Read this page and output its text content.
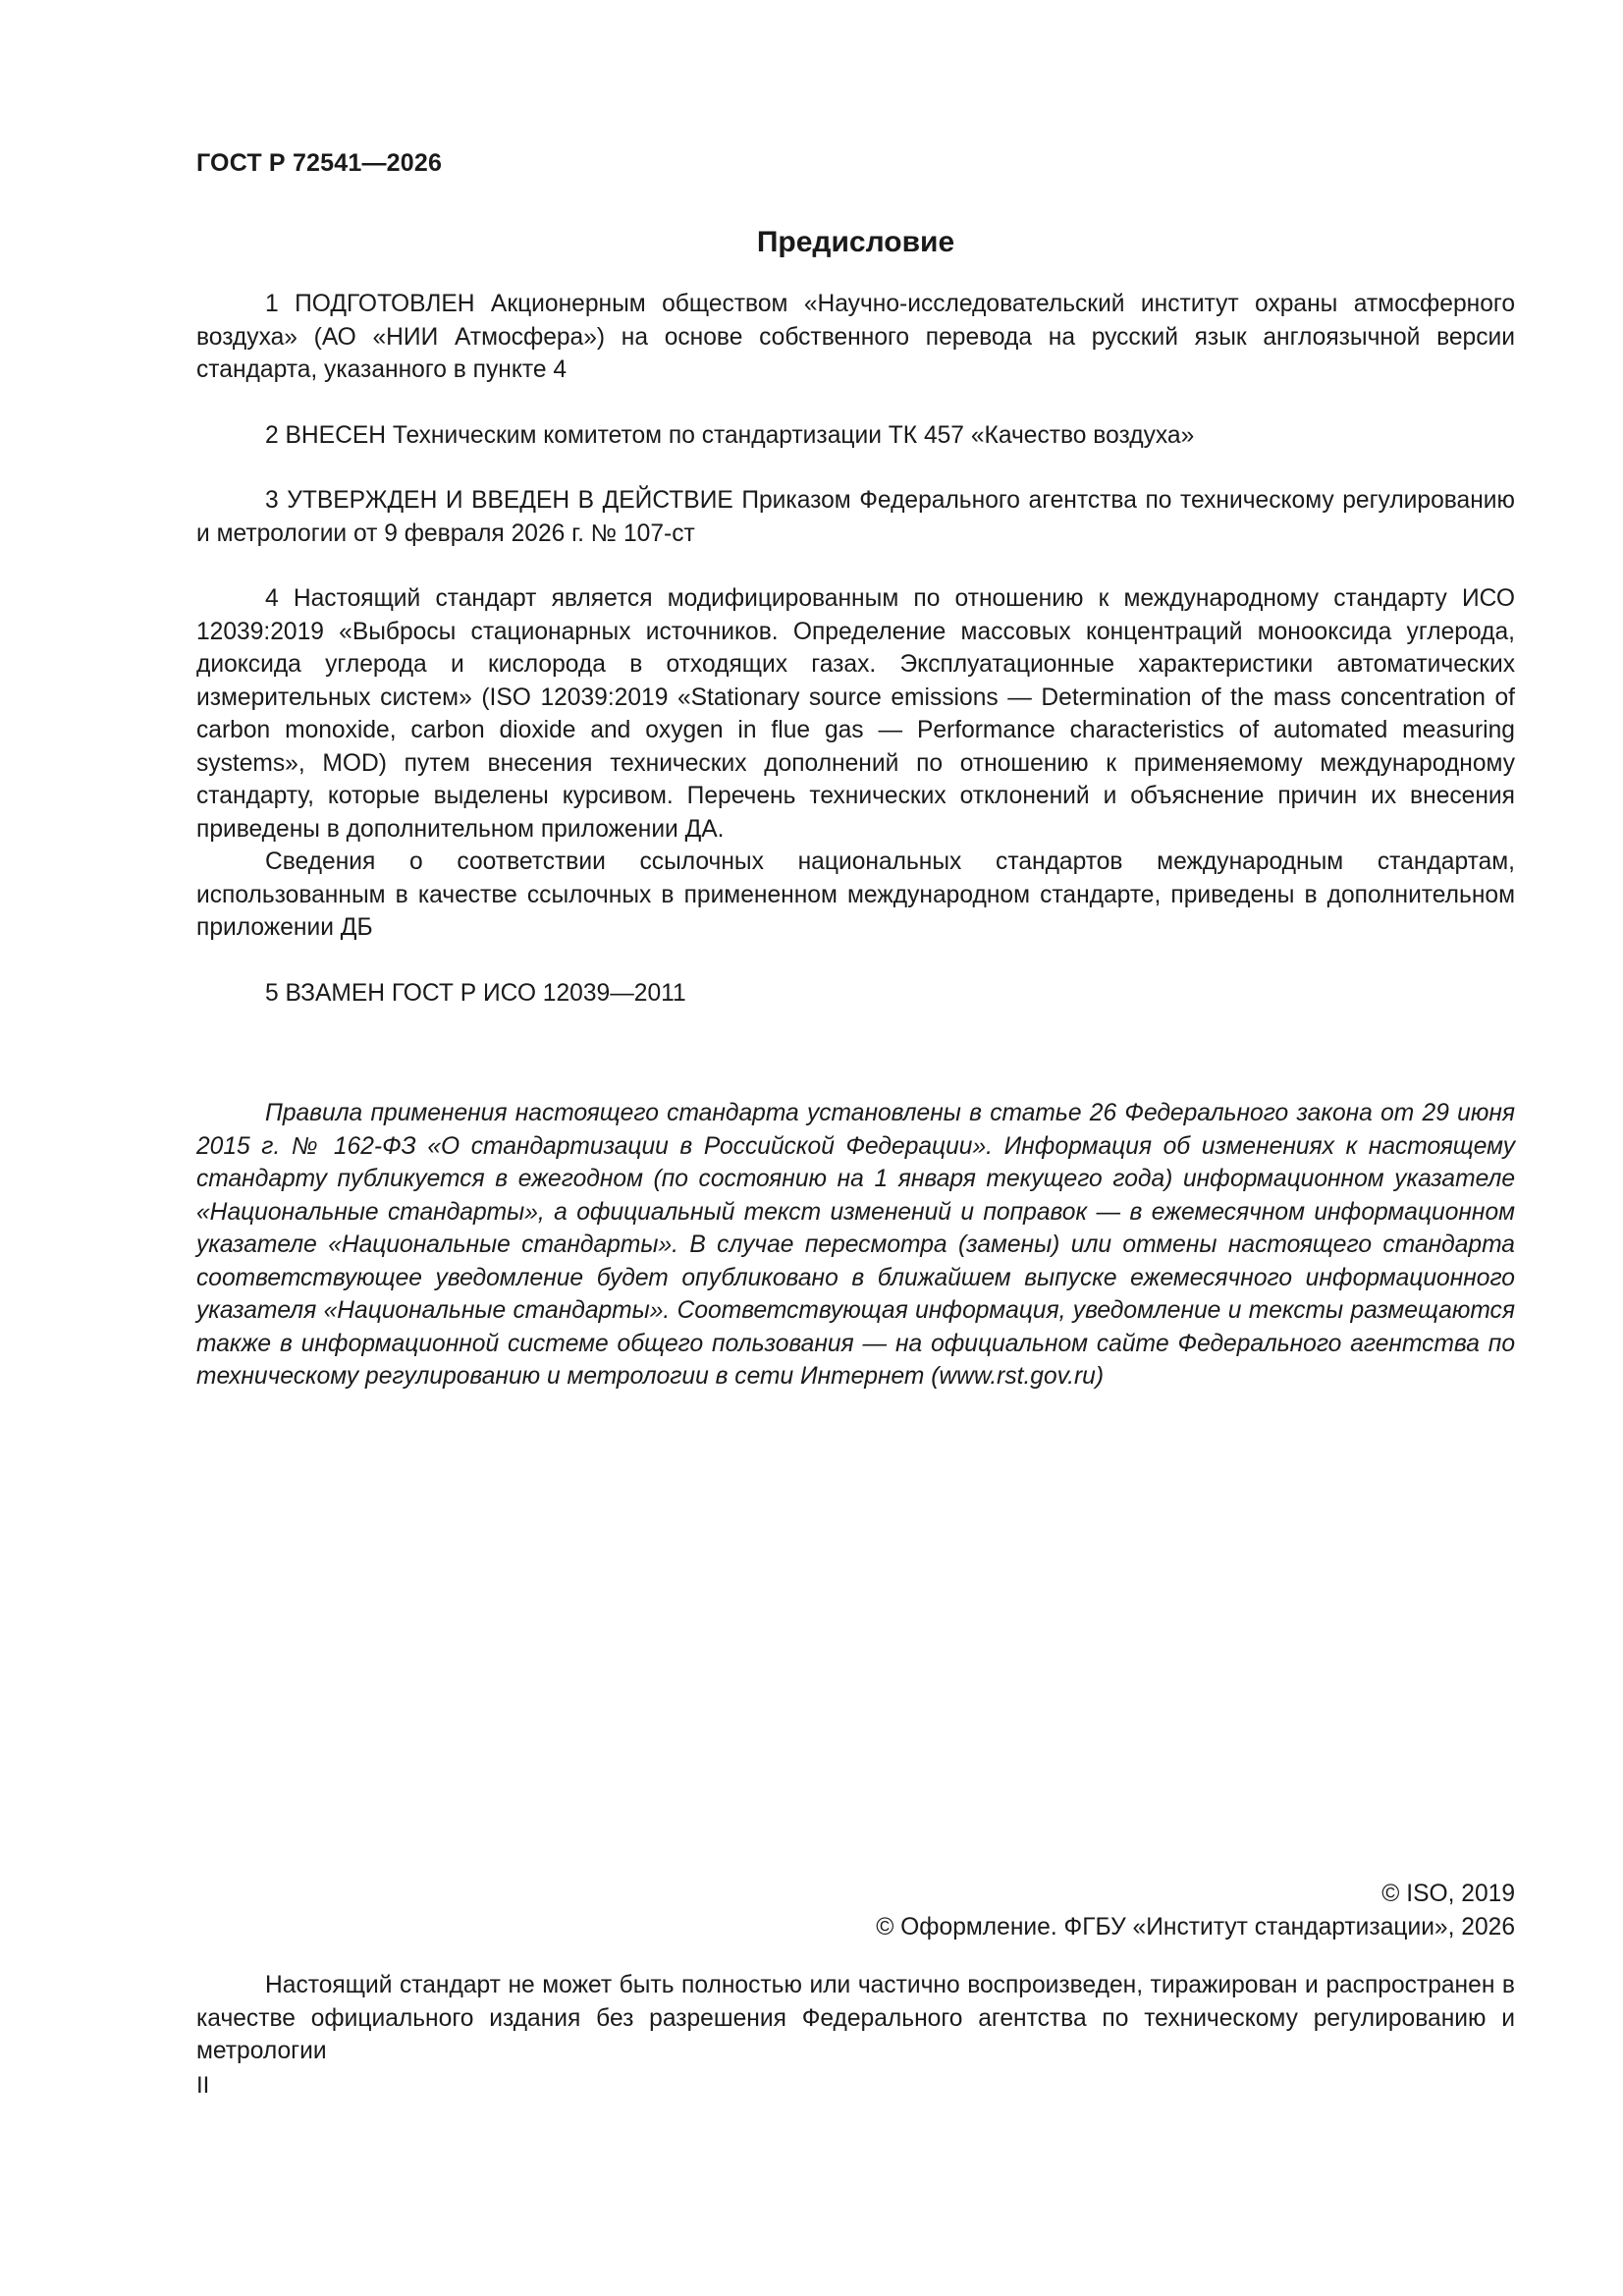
ГОСТ Р 72541—2026
Предисловие

1 ПОДГОТОВЛЕН Акционерным обществом «Научно-исследовательский институт охраны атмосферного воздуха» (АО «НИИ Атмосфера») на основе собственного перевода на русский язык англоязычной версии стандарта, указанного в пункте 4

2 ВНЕСЕН Техническим комитетом по стандартизации ТК 457 «Качество воздуха»

3 УТВЕРЖДЕН И ВВЕДЕН В ДЕЙСТВИЕ Приказом Федерального агентства по техническому регулированию и метрологии от 9 февраля 2026 г. № 107-ст

4 Настоящий стандарт является модифицированным по отношению к международному стандарту ИСО 12039:2019 «Выбросы стационарных источников. Определение массовых концентраций монооксида углерода, диоксида углерода и кислорода в отходящих газах. Эксплуатационные характеристики автоматических измерительных систем» (ISO 12039:2019 «Stationary source emissions — Determination of the mass concentration of carbon monoxide, carbon dioxide and oxygen in flue gas — Performance characteristics of automated measuring systems», MOD) путем внесения технических дополнений по отношению к применяемому международному стандарту, которые выделены курсивом. Перечень технических отклонений и объяснение причин их внесения приведены в дополнительном приложении ДА.

Сведения о соответствии ссылочных национальных стандартов международным стандартам, использованным в качестве ссылочных в примененном международном стандарте, приведены в дополнительном приложении ДБ

5 ВЗАМЕН ГОСТ Р ИСО 12039—2011

Правила применения настоящего стандарта установлены в статье 26 Федерального закона от 29 июня 2015 г. № 162-ФЗ «О стандартизации в Российской Федерации». Информация об изменениях к настоящему стандарту публикуется в ежегодном (по состоянию на 1 января текущего года) информационном указателе «Национальные стандарты», а официальный текст изменений и поправок — в ежемесячном информационном указателе «Национальные стандарты». В случае пересмотра (замены) или отмены настоящего стандарта соответствующее уведомление будет опубликовано в ближайшем выпуске ежемесячного информационного указателя «Национальные стандарты». Соответствующая информация, уведомление и тексты размещаются также в информационной системе общего пользования — на официальном сайте Федерального агентства по техническому регулированию и метрологии в сети Интернет (www.rst.gov.ru)

© ISO, 2019
© Оформление. ФГБУ «Институт стандартизации», 2026

Настоящий стандарт не может быть полностью или частично воспроизведен, тиражирован и распространен в качестве официального издания без разрешения Федерального агентства по техническому регулированию и метрологии

II
